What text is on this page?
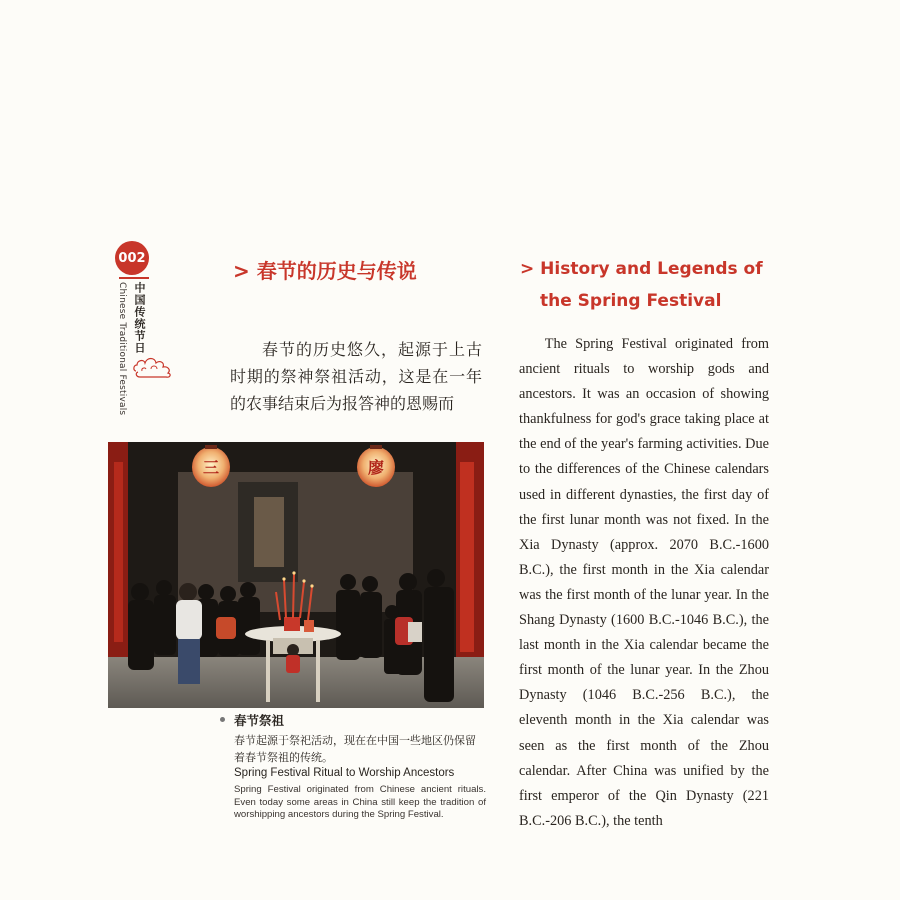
002
中国传统节日
Chinese Traditional Festivals
> 春节的历史与传说	> History and Legends of
the Spring Festival
春节的历史悠久，起源于上古时期的祭神祭祖活动，这是在一年的农事结束后为报答神的恩赐而
The Spring Festival originated from ancient rituals to worship gods and ancestors. It was an occasion of showing thankfulness for god's grace taking place at the end of the year's farming activities. Due to the differences of the Chinese calendars used in different dynasties, the first day of the first lunar month was not fixed. In the Xia Dynasty (approx. 2070 B.C.-1600 B.C.), the first month in the Xia calendar was the first month of the lunar year. In the Shang Dynasty (1600 B.C.-1046 B.C.), the last month in the Xia calendar became the first month of the lunar year. In the Zhou Dynasty (1046 B.C.-256 B.C.), the eleventh month in the Xia calendar was seen as the first month of the Zhou calendar. After China was unified by the first emperor of the Qin Dynasty (221 B.C.-206 B.C.), the tenth
三	廖
春节祭祖
春节起源于祭祀活动，现在在中国一些地区仍保留着春节祭祖的传统。
Spring Festival Ritual to Worship Ancestors
Spring Festival originated from Chinese ancient rituals. Even today some areas in China still keep the tradition of worshipping ancestors during the Spring Festival.
